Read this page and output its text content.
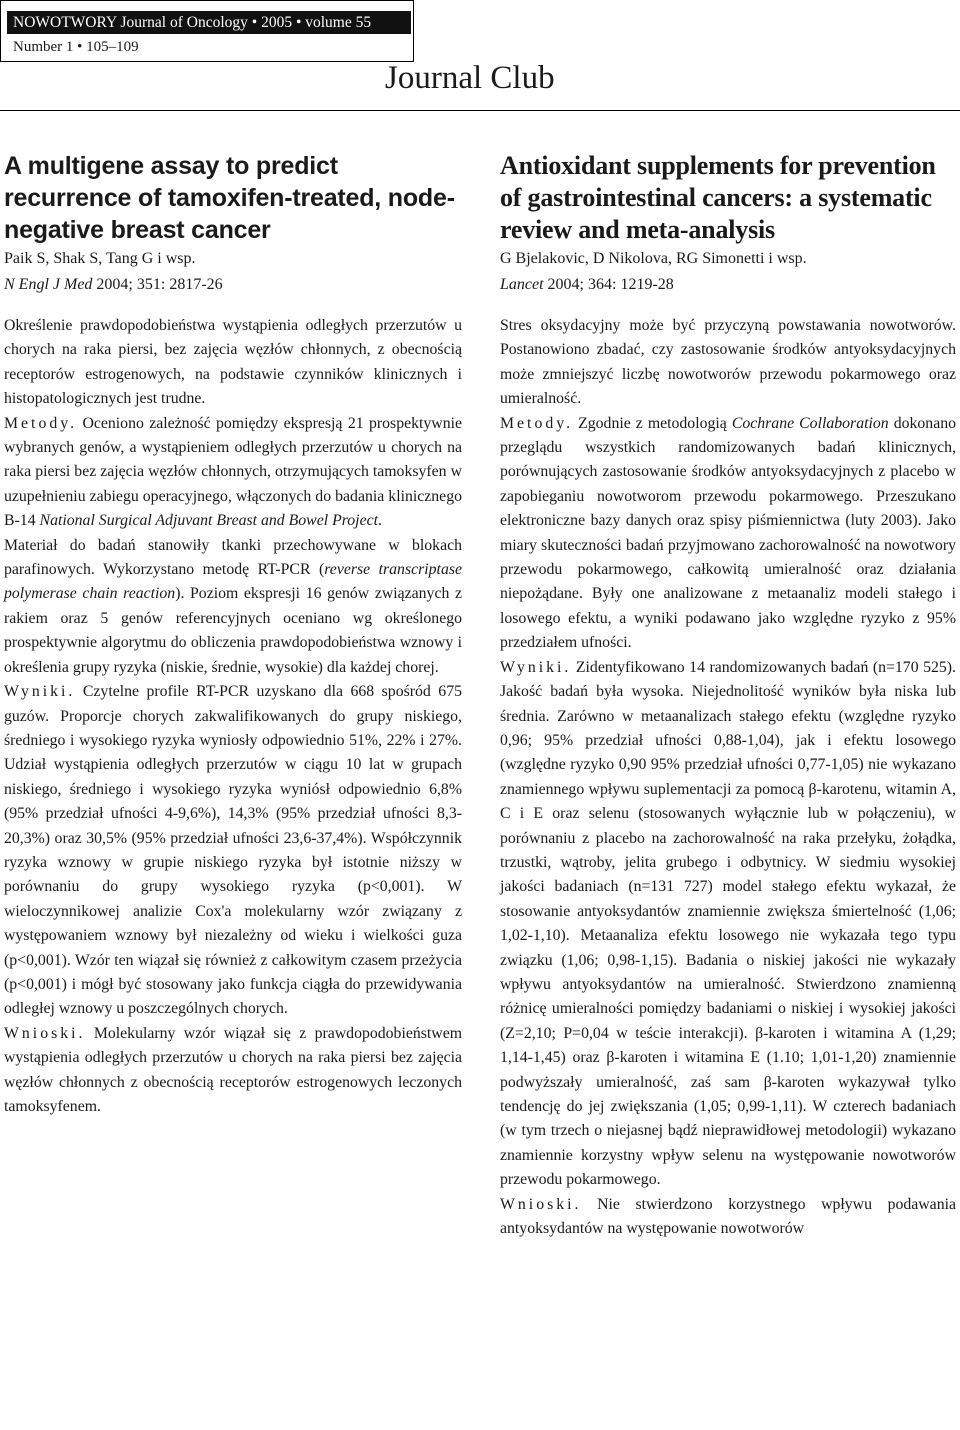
NOWOTWORY Journal of Oncology • 2005 • volume 55
Number 1 • 105–109
Journal Club
A multigene assay to predict recurrence of tamoxifen-treated, node-negative breast cancer

Paik S, Shak S, Tang G i wsp.

N Engl J Med 2004; 351: 2817-26

Określenie prawdopodobieństwa wystąpienia odległych przerzutów u chorych na raka piersi, bez zajęcia węzłów chłonnych, z obecnością receptorów estrogenowych, na podstawie czynników klinicznych i histopatologicznych jest trudne.

Metody. Oceniono zależność pomiędzy ekspresją 21 prospektywnie wybranych genów, a wystąpieniem odległych przerzutów u chorych na raka piersi bez zajęcia węzłów chłonnych, otrzymujących tamoksyfen w uzupełnieniu zabiegu operacyjnego, włączonych do badania klinicznego B-14 National Surgical Adjuvant Breast and Bowel Project.

Materiał do badań stanowiły tkanki przechowywane w blokach parafinowych. Wykorzystano metodę RT-PCR (reverse transcriptase polymerase chain reaction). Poziom ekspresji 16 genów związanych z rakiem oraz 5 genów referencyjnych oceniano wg określonego prospektywnie algorytmu do obliczenia prawdopodobieństwa wznowy i określenia grupy ryzyka (niskie, średnie, wysokie) dla każdej chorej.

Wyniki. Czytelne profile RT-PCR uzyskano dla 668 spośród 675 guzów. Proporcje chorych zakwalifikowanych do grupy niskiego, średniego i wysokiego ryzyka wyniosły odpowiednio 51%, 22% i 27%. Udział wystąpienia odległych przerzutów w ciągu 10 lat w grupach niskiego, średniego i wysokiego ryzyka wyniósł odpowiednio 6,8% (95% przedział ufności 4-9,6%), 14,3% (95% przedział ufności 8,3-20,3%) oraz 30,5% (95% przedział ufności 23,6-37,4%). Współczynnik ryzyka wznowy w grupie niskiego ryzyka był istotnie niższy w porównaniu do grupy wysokiego ryzyka (p<0,001). W wieloczynnikowej analizie Cox'a molekularny wzór związany z występowaniem wznowy był niezależny od wieku i wielkości guza (p<0,001). Wzór ten wiązał się również z całkowitym czasem przeżycia (p<0,001) i mógł być stosowany jako funkcja ciągła do przewidywania odległej wznowy u poszczególnych chorych.

Wnioski. Molekularny wzór wiązał się z prawdopodobieństwem wystąpienia odległych przerzutów u chorych na raka piersi bez zajęcia węzłów chłonnych z obecnością receptorów estrogenowych leczonych tamoksyfenem.

Antioxidant supplements for prevention of gastrointestinal cancers: a systematic review and meta-analysis

G Bjelakovic, D Nikolova, RG Simonetti i wsp.

Lancet 2004; 364: 1219-28

Stres oksydacyjny może być przyczyną powstawania nowotworów. Postanowiono zbadać, czy zastosowanie środków antyoksydacyjnych może zmniejszyć liczbę nowotworów przewodu pokarmowego oraz umieralność.

Metody. Zgodnie z metodologią Cochrane Collaboration dokonano przeglądu wszystkich randomizowanych badań klinicznych, porównujących zastosowanie środków antyoksydacyjnych z placebo w zapobieganiu nowotworom przewodu pokarmowego. Przeszukano elektroniczne bazy danych oraz spisy piśmiennictwa (luty 2003). Jako miary skuteczności badań przyjmowano zachorowalność na nowotwory przewodu pokarmowego, całkowitą umieralność oraz działania niepożądane. Były one analizowane z metaanaliz modeli stałego i losowego efektu, a wyniki podawano jako względne ryzyko z 95% przedziałem ufności.

Wyniki. Zidentyfikowano 14 randomizowanych badań (n=170 525). Jakość badań była wysoka. Niejednolitość wyników była niska lub średnia. Zarówno w metaanalizach stałego efektu (względne ryzyko 0,96; 95% przedział ufności 0,88-1,04), jak i efektu losowego (względne ryzyko 0,90 95% przedział ufności 0,77-1,05) nie wykazano znamiennego wpływu suplementacji za pomocą β-karotenu, witamin A, C i E oraz selenu (stosowanych wyłącznie lub w połączeniu), w porównaniu z placebo na zachorowalność na raka przełyku, żołądka, trzustki, wątroby, jelita grubego i odbytnicy. W siedmiu wysokiej jakości badaniach (n=131 727) model stałego efektu wykazał, że stosowanie antyoksydantów znamiennie zwiększa śmiertelność (1,06; 1,02-1,10). Metaanaliza efektu losowego nie wykazała tego typu związku (1,06; 0,98-1,15). Badania o niskiej jakości nie wykazały wpływu antyoksydantów na umieralność. Stwierdzono znamienną różnicę umieralności pomiędzy badaniami o niskiej i wysokiej jakości (Z=2,10; P=0,04 w teście interakcji). β-karoten i witamina A (1,29; 1,14-1,45) oraz β-karoten i witamina E (1.10; 1,01-1,20) znamiennie podwyższały umieralność, zaś sam β-karoten wykazywał tylko tendencję do jej zwiększania (1,05; 0,99-1,11). W czterech badaniach (w tym trzech o niejasnej bądź nieprawidłowej metodologii) wykazano znamiennie korzystny wpływ selenu na występowanie nowotworów przewodu pokarmowego.

Wnioski. Nie stwierdzono korzystnego wpływu podawania antyoksydantów na występowanie nowotworów
